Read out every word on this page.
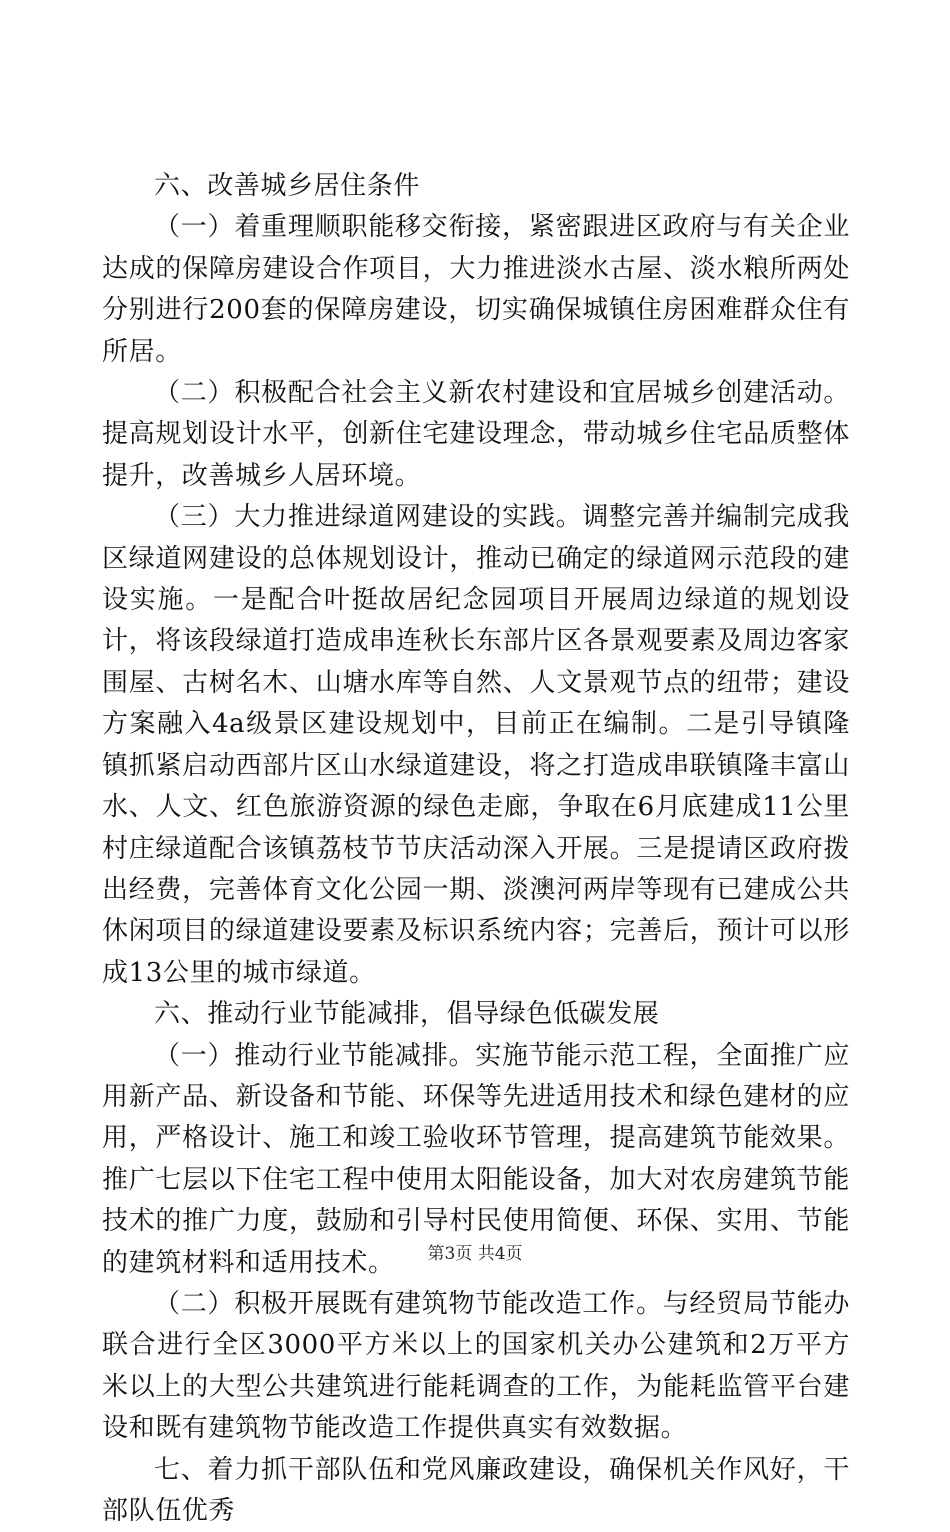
六、改善城乡居住条件

（一）着重理顺职能移交衔接，紧密跟进区政府与有关企业达成的保障房建设合作项目，大力推进淡水古屋、淡水粮所两处分别进行200套的保障房建设，切实确保城镇住房困难群众住有所居。

（二）积极配合社会主义新农村建设和宜居城乡创建活动。提高规划设计水平，创新住宅建设理念，带动城乡住宅品质整体提升，改善城乡人居环境。

（三）大力推进绿道网建设的实践。调整完善并编制完成我区绿道网建设的总体规划设计，推动已确定的绿道网示范段的建设实施。一是配合叶挺故居纪念园项目开展周边绿道的规划设计，将该段绿道打造成串连秋长东部片区各景观要素及周边客家围屋、古树名木、山塘水库等自然、人文景观节点的纽带；建设方案融入4a级景区建设规划中，目前正在编制。二是引导镇隆镇抓紧启动西部片区山水绿道建设，将之打造成串联镇隆丰富山水、人文、红色旅游资源的绿色走廊，争取在6月底建成11公里村庄绿道配合该镇荔枝节节庆活动深入开展。三是提请区政府拨出经费，完善体育文化公园一期、淡澳河两岸等现有已建成公共休闲项目的绿道建设要素及标识系统内容；完善后，预计可以形成13公里的城市绿道。

六、推动行业节能减排，倡导绿色低碳发展

（一）推动行业节能减排。实施节能示范工程，全面推广应用新产品、新设备和节能、环保等先进适用技术和绿色建材的应用，严格设计、施工和竣工验收环节管理，提高建筑节能效果。推广七层以下住宅工程中使用太阳能设备，加大对农房建筑节能技术的推广力度，鼓励和引导村民使用简便、环保、实用、节能的建筑材料和适用技术。

（二）积极开展既有建筑物节能改造工作。与经贸局节能办联合进行全区3000平方米以上的国家机关办公建筑和2万平方米以上的大型公共建筑进行能耗调查的工作，为能耗监管平台建设和既有建筑物节能改造工作提供真实有效数据。

七、着力抓干部队伍和党风廉政建设，确保机关作风好，干部队伍优秀

第3页 共4页
